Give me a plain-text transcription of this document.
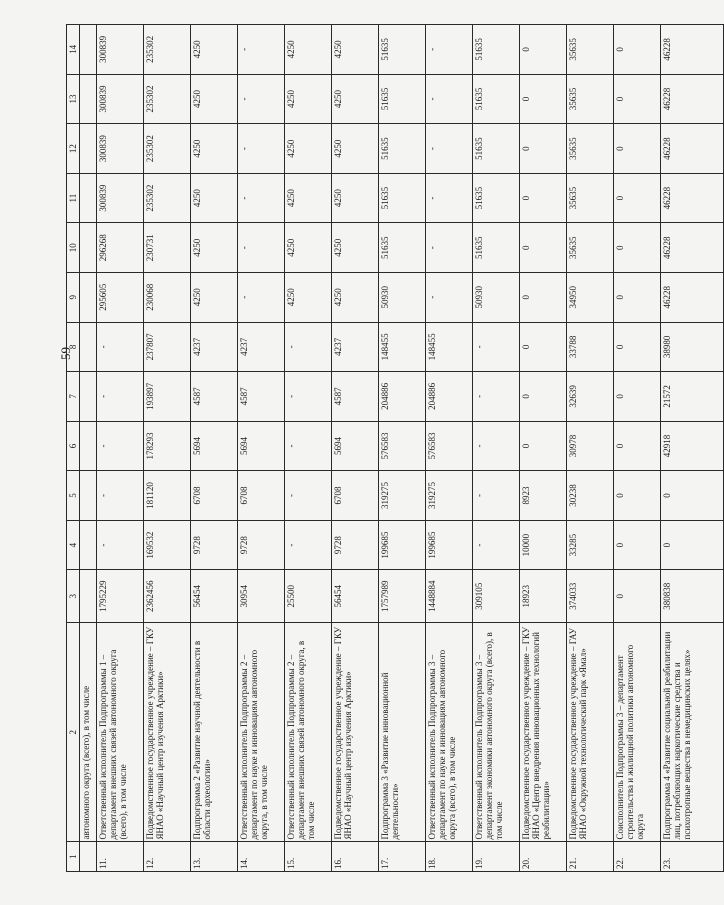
59
1	2	3	4	5	6	7	8	9	10	11	12	13	14
	автономного округа (всего), в том числе												
11.	Ответственный исполнитель Подпрограммы 1 – департамент внешних связей автономного округа (всего), в том числе	1795229	-	-	-	-	-	295605	296268	300839	300839	300839	300839
12.	Подведомственное государственное учреждение – ГКУ ЯНАО «Научный центр изучения Арктики»	2362456	169532	181120	178293	193897	237807	230068	230731	235302	235302	235302	235302
13.	Подпрограмма 2 «Развитие научной деятельности в области археологии»	56454	9728	6708	5694	4587	4237	4250	4250	4250	4250	4250	4250
14.	Ответственный исполнитель Подпрограммы 2 – департамент по науке и инновациям автономного округа, в том числе	30954	9728	6708	5694	4587	4237	-	-	-	-	-	-
15.	Ответственный исполнитель Подпрограммы 2 – департамент внешних связей автономного округа, в том числе	25500	-	-	-	-	-	4250	4250	4250	4250	4250	4250
16.	Подведомственное государственное учреждение – ГКУ ЯНАО «Научный центр изучения Арктики»	56454	9728	6708	5694	4587	4237	4250	4250	4250	4250	4250	4250
17.	Подпрограмма 3 «Развитие инновационной деятельности»	1757989	199685	319275	576583	204886	148455	50930	51635	51635	51635	51635	51635
18.	Ответственный исполнитель Подпрограммы 3 – департамент по науке и инновациям автономного округа (всего), в том числе	1448884	199685	319275	576583	204886	148455	-	-	-	-	-	-
19.	Ответственный исполнитель Подпрограммы 3 – департамент экономики автономного округа (всего), в том числе	309105	-	-	-	-	-	50930	51635	51635	51635	51635	51635
20.	Подведомственное государственное учреждение – ГКУ ЯНАО «Центр внедрения инновационных технологий реабилитации»	18923	10000	8923	0	0	0	0	0	0	0	0	0
21.	Подведомственное государственное учреждение – ГАУ ЯНАО «Окружной технологический парк «Ямал»	374033	33285	30238	30978	32639	33788	34950	35635	35635	35635	35635	35635
22.	Соисполнитель Подпрограммы 3 – департамент строительства и жилищной политики автономного округа	0	0	0	0	0	0	0	0	0	0	0	0
23.	Подпрограмма 4 «Развитие социальной реабилитации лиц, потребляющих наркотические средства и психотропные вещества в немедицинских целях»	380838	0	0	42918	21572	38980	46228	46228	46228	46228	46228	46228
